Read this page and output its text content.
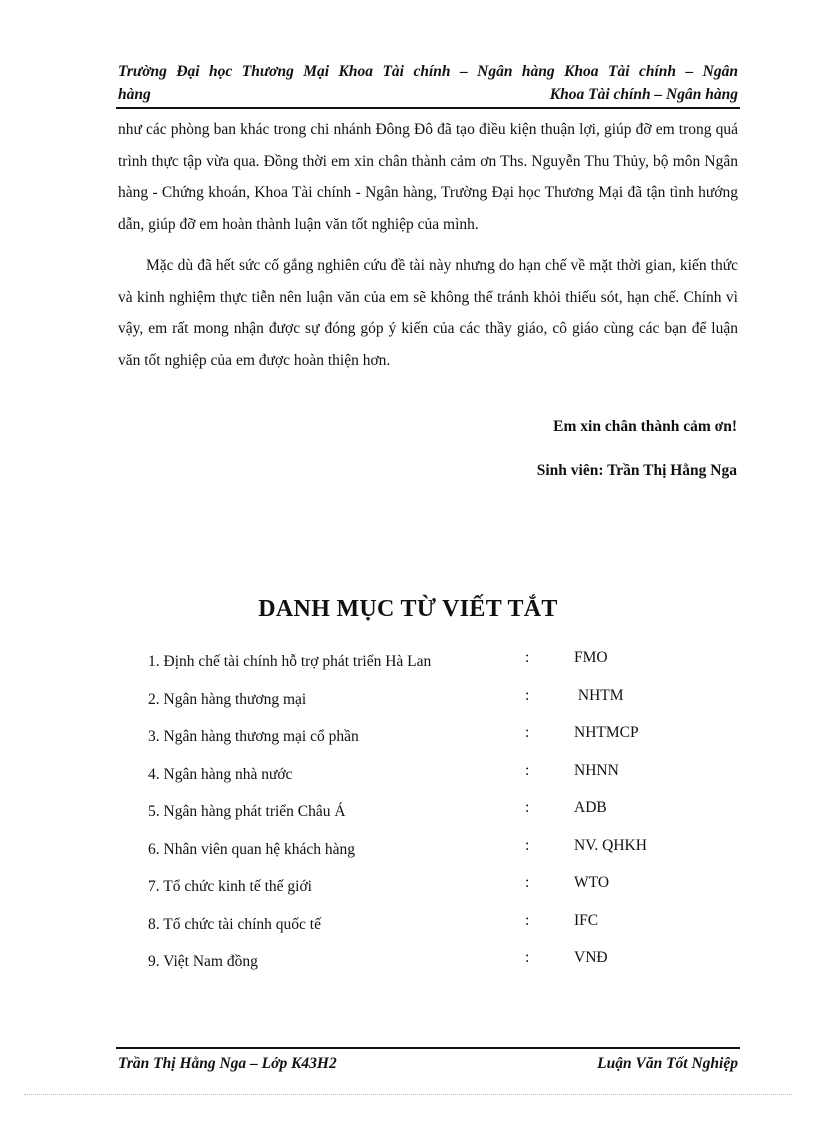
Trường Đại học Thương Mại Khoa Tài chính – Ngân hàng Khoa Tài chính – Ngân
hàng	Khoa Tài chính – Ngân hàng

như các phòng ban khác trong chi nhánh Đông Đô đã tạo điều kiện thuận lợi, giúp đỡ em trong quá trình thực tập vừa qua. Đồng thời em xin chân thành cảm ơn Ths. Nguyễn Thu Thủy, bộ môn Ngân hàng - Chứng khoán, Khoa Tài chính - Ngân hàng, Trường Đại học Thương Mại đã tận tình hướng dẫn, giúp đỡ em hoàn thành luận văn tốt nghiệp của mình.

Mặc dù đã hết sức cố gắng nghiên cứu đề tài này nhưng do hạn chế về mặt thời gian, kiến thức và kinh nghiệm thực tiễn nên luận văn của em sẽ không thể tránh khỏi thiếu sót, hạn chế. Chính vì vậy, em rất mong nhận được sự đóng góp ý kiến của các thầy giáo, cô giáo cùng các bạn để luận văn tốt nghiệp của em được hoàn thiện hơn.

Em xin chân thành cảm ơn!
Sinh viên: Trần Thị Hằng Nga
DANH MỤC TỪ VIẾT TẮT
1. Định chế tài chính hỗ trợ phát triển Hà Lan	:	FMO
2. Ngân hàng thương mại	:	NHTM
3. Ngân hàng thương mại cổ phần	:	NHTMCP
4. Ngân hàng nhà nước	:	NHNN
5. Ngân hàng phát triển Châu Á	:	ADB
6. Nhân viên quan hệ khách hàng	:	NV. QHKH
7. Tổ chức kinh tế thế giới	:	WTO
8. Tổ chức tài chính quốc tế	:	IFC
9. Việt Nam đồng	:	VNĐ
Trần Thị Hằng Nga – Lớp K43H2	Luận Văn Tốt Nghiệp
